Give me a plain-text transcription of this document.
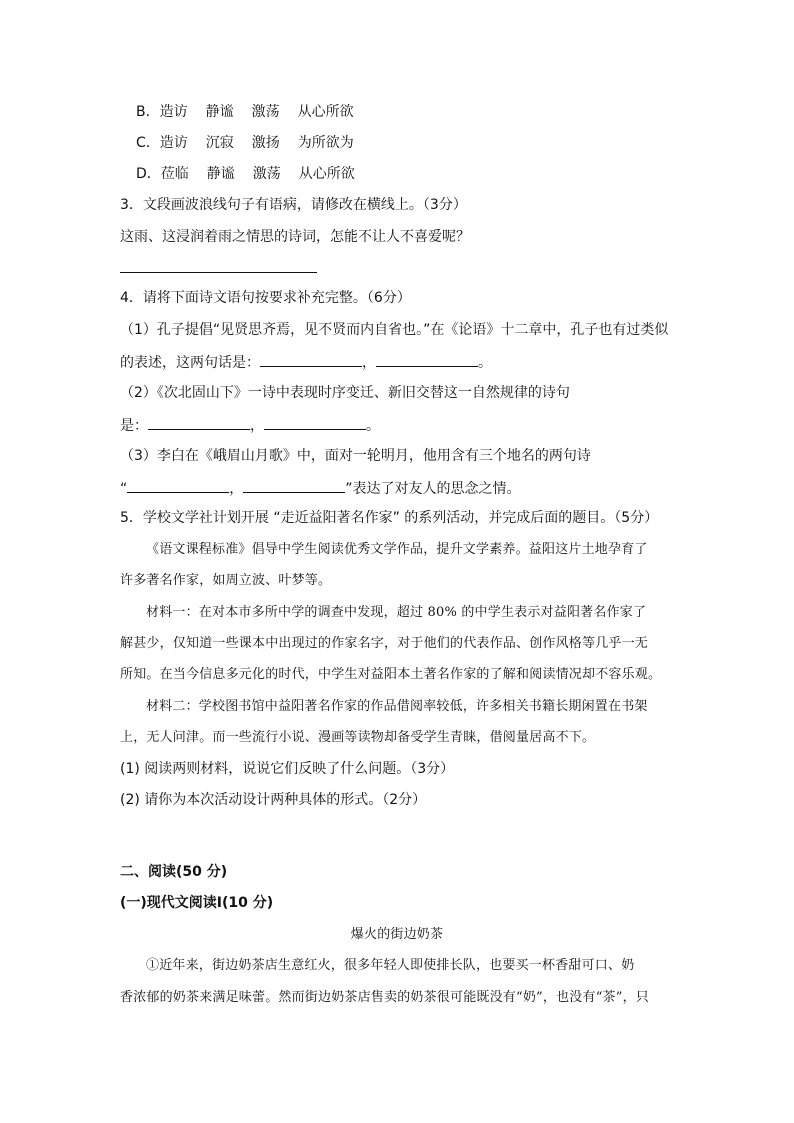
B．造访 静谧 激荡 从心所欲
C．造访 沉寂 激扬 为所欲为
D．莅临 静谧 激荡 从心所欲
3．文段画波浪线句子有语病，请修改在横线上。（3分）
这雨、这浸润着雨之情思的诗词，怎能不让人不喜爱呢？
4．请将下面诗文语句按要求补充完整。（6分）
（1）孔子提倡“见贤思齐焉，见不贤而内自省也。”在《论语》十二章中，孔子也有过类似
的表述，这两句话是：	，	。
（2）《次北固山下》一诗中表现时序变迁、新旧交替这一自然规律的诗句
是：	，	。
（3）李白在《峨眉山月歌》中，面对一轮明月，他用含有三个地名的两句诗
“	，	”表达了对友人的思念之情。
5．学校文学社计划开展 “走近益阳著名作家” 的系列活动，并完成后面的题目。（5分）
《语文课程标准》倡导中学生阅读优秀文学作品，提升文学素养。益阳这片土地孕育了
许多著名作家，如周立波、叶梦等。
材料一：在对本市多所中学的调查中发现，超过 80% 的中学生表示对益阳著名作家了
解甚少，仅知道一些课本中出现过的作家名字，对于他们的代表作品、创作风格等几乎一无
所知。在当今信息多元化的时代，中学生对益阳本土著名作家的了解和阅读情况却不容乐观。
材料二：学校图书馆中益阳著名作家的作品借阅率较低，许多相关书籍长期闲置在书架
上，无人问津。而一些流行小说、漫画等读物却备受学生青睐，借阅量居高不下。
(1) 阅读两则材料，说说它们反映了什么问题。（3分）
(2) 请你为本次活动设计两种具体的形式。（2分）
二、阅读(50 分)
(一)现代文阅读Ⅰ(10 分)
爆火的街边奶茶
①近年来，街边奶茶店生意红火，很多年轻人即使排长队，也要买一杯香甜可口、奶
香浓郁的奶茶来满足味蕾。然而街边奶茶店售卖的奶茶很可能既没有“奶”，也没有“茶”，只
